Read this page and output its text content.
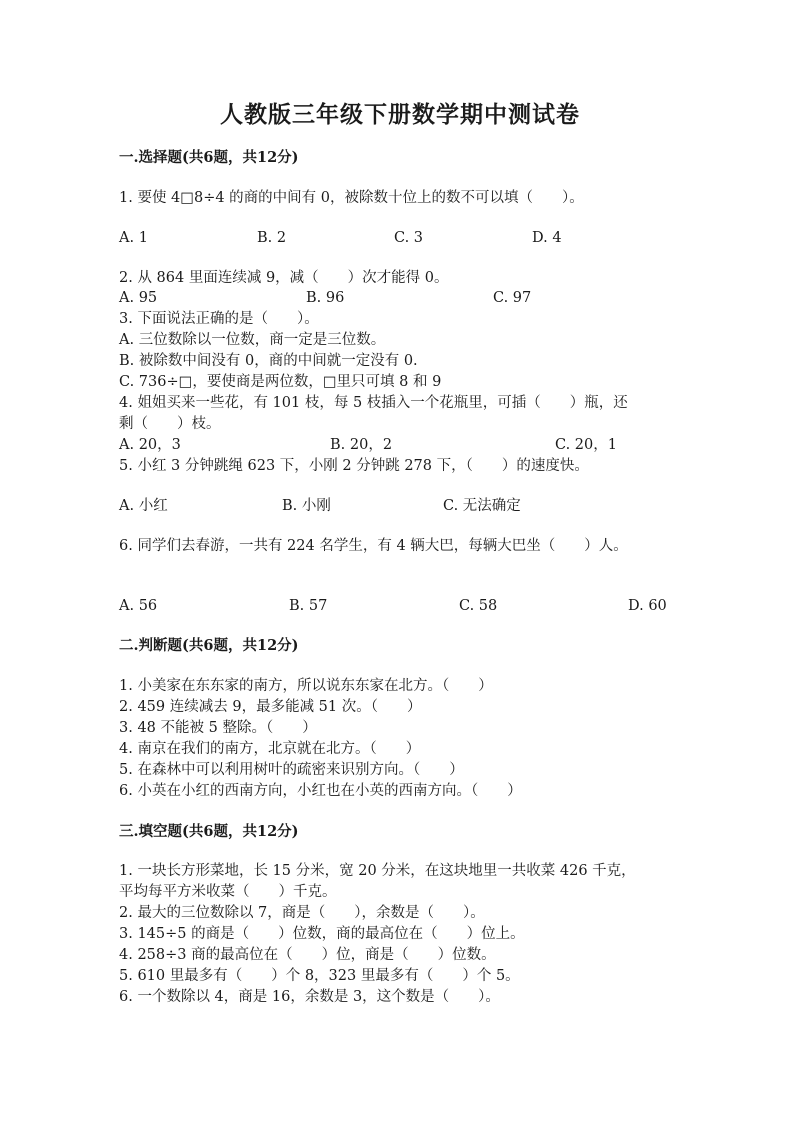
人教版三年级下册数学期中测试卷
一.选择题(共6题，共12分)
1. 要使 4□8÷4 的商的中间有 0，被除数十位上的数不可以填（　　）。
A. 1	B. 2	C. 3	D. 4
2. 从 864 里面连续减 9，减（　　）次才能得 0。
A. 95	B. 96	C. 97
3. 下面说法正确的是（　　）。
A. 三位数除以一位数，商一定是三位数。
B. 被除数中间没有 0，商的中间就一定没有 0.
C. 736÷□，要使商是两位数，□里只可填 8 和 9
4. 姐姐买来一些花，有 101 枝，每 5 枝插入一个花瓶里，可插（　　）瓶，还
剩（　　）枝。
A. 20，3	B. 20，2	C. 20，1
5. 小红 3 分钟跳绳 623 下，小刚 2 分钟跳 278 下，（　　）的速度快。
A. 小红	B. 小刚	C. 无法确定
6. 同学们去春游，一共有 224 名学生，有 4 辆大巴，每辆大巴坐（　　）人。
A. 56	B. 57	C. 58	D. 60
二.判断题(共6题，共12分)
1. 小美家在东东家的南方，所以说东东家在北方。（　　）
2. 459 连续减去 9，最多能减 51 次。（　　）
3. 48 不能被 5 整除。（　　）
4. 南京在我们的南方，北京就在北方。（　　）
5. 在森林中可以利用树叶的疏密来识别方向。（　　）
6. 小英在小红的西南方向，小红也在小英的西南方向。（　　）
三.填空题(共6题，共12分)
1. 一块长方形菜地，长 15 分米，宽 20 分米，在这块地里一共收菜 426 千克，
平均每平方米收菜（　　）千克。
2. 最大的三位数除以 7，商是（　　），余数是（　　）。
3. 145÷5 的商是（　　）位数，商的最高位在（　　）位上。
4. 258÷3 商的最高位在（　　）位，商是（　　）位数。
5. 610 里最多有（　　）个 8，323 里最多有（　　）个 5。
6. 一个数除以 4，商是 16，余数是 3，这个数是（　　）。
